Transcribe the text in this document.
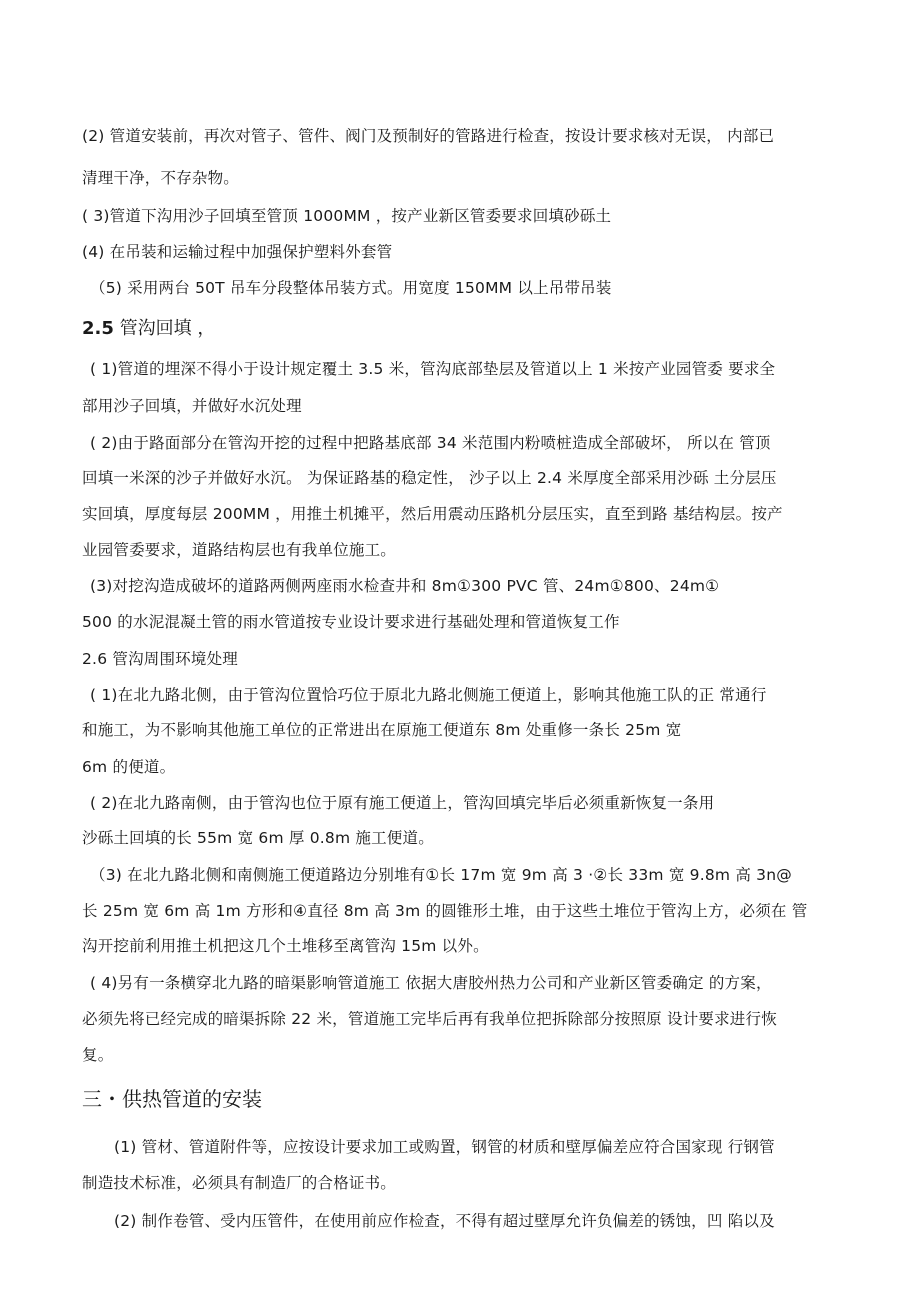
(2) 管道安装前，再次对管子、管件、阀门及预制好的管路进行检查，按设计要求核对无误， 内部已
清理干净，不存杂物。
( 3)管道下沟用沙子回填至管顶 1000MM ，按产业新区管委要求回填砂砾土
(4) 在吊装和运输过程中加强保护塑料外套管
（5) 采用两台 50T 吊车分段整体吊装方式。用宽度 150MM 以上吊带吊装
2.5 管沟回填 ，
( 1)管道的埋深不得小于设计规定覆土 3.5 米，管沟底部垫层及管道以上 1 米按产业园管委 要求全
部用沙子回填，并做好水沉处理
( 2)由于路面部分在管沟开挖的过程中把路基底部 34 米范围内粉喷桩造成全部破坏， 所以在 管顶
回填一米深的沙子并做好水沉。 为保证路基的稳定性， 沙子以上 2.4 米厚度全部采用沙砾 土分层压
实回填，厚度每层 200MM ，用推土机摊平，然后用震动压路机分层压实，直至到路 基结构层。按产
业园管委要求，道路结构层也有我单位施工。
(3)对挖沟造成破坏的道路两侧两座雨水检查井和 8m①300 PVC 管、24m①800、24m①
500 的水泥混凝土管的雨水管道按专业设计要求进行基础处理和管道恢复工作
2.6 管沟周围环境处理
( 1)在北九路北侧，由于管沟位置恰巧位于原北九路北侧施工便道上，影响其他施工队的正 常通行
和施工，为不影响其他施工单位的正常进出在原施工便道东 8m 处重修一条长 25m 宽
6m 的便道。
( 2)在北九路南侧，由于管沟也位于原有施工便道上，管沟回填完毕后必须重新恢复一条用
沙砾土回填的长 55m 宽 6m 厚 0.8m 施工便道。
（3) 在北九路北侧和南侧施工便道路边分别堆有①长 17m 宽 9m 高 3 ·②长 33m 宽 9.8m 高 3n@
长 25m 宽 6m 高 1m 方形和④直径 8m 高 3m 的圆锥形土堆，由于这些土堆位于管沟上方，必须在 管
沟开挖前利用推土机把这几个土堆移至离管沟 15m 以外。
( 4)另有一条横穿北九路的暗渠影响管道施工 依据大唐胶州热力公司和产业新区管委确定 的方案，
必须先将已经完成的暗渠拆除 22 米，管道施工完毕后再有我单位把拆除部分按照原 设计要求进行恢
复。
三・供热管道的安装
(1) 管材、管道附件等，应按设计要求加工或购置，钢管的材质和壁厚偏差应符合国家现 行钢管
制造技术标准，必须具有制造厂的合格证书。
(2) 制作卷管、受内压管件，在使用前应作检查，不得有超过壁厚允许负偏差的锈蚀，凹 陷以及
